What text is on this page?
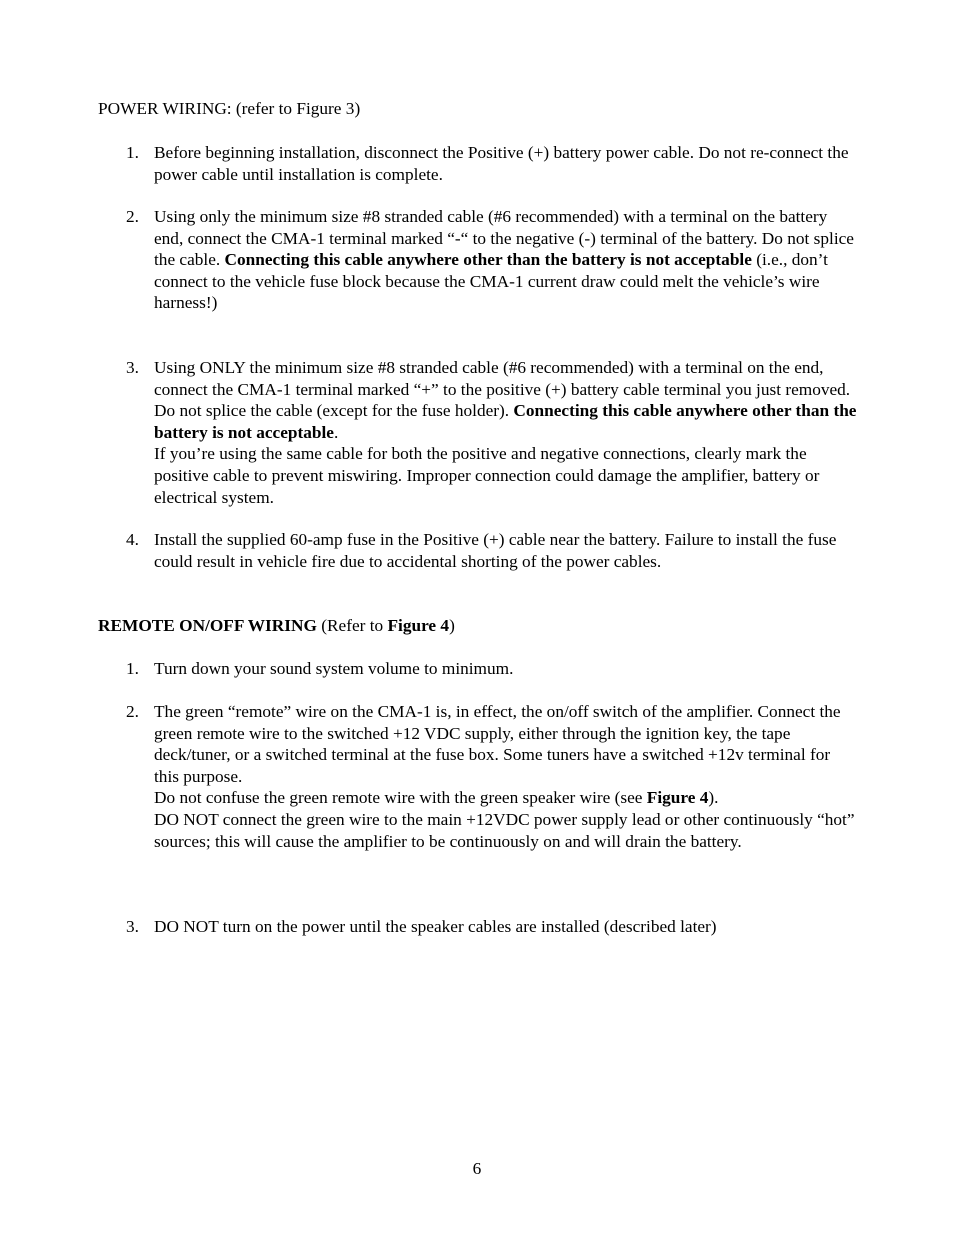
POWER WIRING: (refer to Figure 3)
1. Before beginning installation, disconnect the Positive (+) battery power cable. Do not re-connect the power cable until installation is complete.

2. Using only the minimum size #8 stranded cable (#6 recommended) with a terminal on the battery end, connect the CMA-1 terminal marked “-“ to the negative (-) terminal of the battery. Do not splice the cable. Connecting this cable anywhere other than the battery is not acceptable (i.e., don’t connect to the vehicle fuse block because the CMA-1 current draw could melt the vehicle’s wire harness!)

3. Using ONLY the minimum size #8 stranded cable (#6 recommended) with a terminal on the end, connect the CMA-1 terminal marked “+” to the positive (+) battery cable terminal you just removed. Do not splice the cable (except for the fuse holder). Connecting this cable anywhere other than the battery is not acceptable.

If you’re using the same cable for both the positive and negative connections, clearly mark the positive cable to prevent miswiring. Improper connection could damage the amplifier, battery or electrical system.

4. Install the supplied 60-amp fuse in the Positive (+) cable near the battery. Failure to install the fuse could result in vehicle fire due to accidental shorting of the power cables.

REMOTE ON/OFF WIRING (Refer to Figure 4)
1. Turn down your sound system volume to minimum.

2. The green “remote” wire on the CMA-1 is, in effect, the on/off switch of the amplifier. Connect the green remote wire to the switched +12 VDC supply, either through the ignition key, the tape deck/tuner, or a switched terminal at the fuse box. Some tuners have a switched +12v terminal for this purpose.

Do not confuse the green remote wire with the green speaker wire (see Figure 4).

DO NOT connect the green wire to the main +12VDC power supply lead or other continuously “hot” sources; this will cause the amplifier to be continuously on and will drain the battery.

3. DO NOT turn on the power until the speaker cables are installed (described later)

6
